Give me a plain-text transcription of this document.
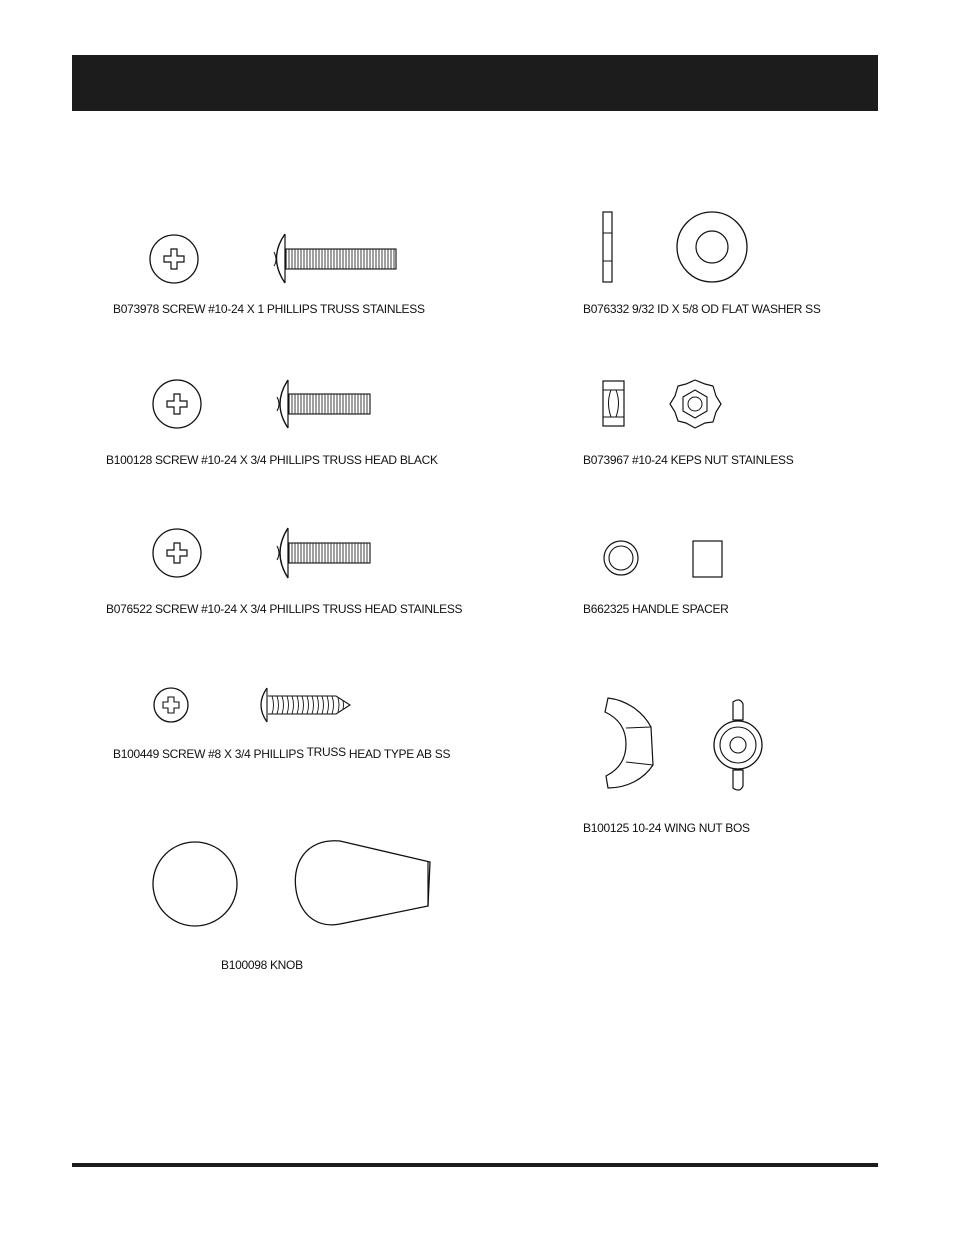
B073978 SCREW #10-24 X 1 PHILLIPS TRUSS STAINLESS
B100128 SCREW #10-24 X 3/4 PHILLIPS TRUSS HEAD BLACK
B076522 SCREW #10-24 X 3/4 PHILLIPS TRUSS HEAD STAINLESS
B100449 SCREW #8 X 3/4 PHILLIPS TRUSS HEAD TYPE AB SS
B100098 KNOB
B076332 9/32 ID X 5/8 OD FLAT WASHER SS
B073967 #10-24 KEPS NUT STAINLESS
B662325 HANDLE SPACER
B100125 10-24 WING NUT BOS
